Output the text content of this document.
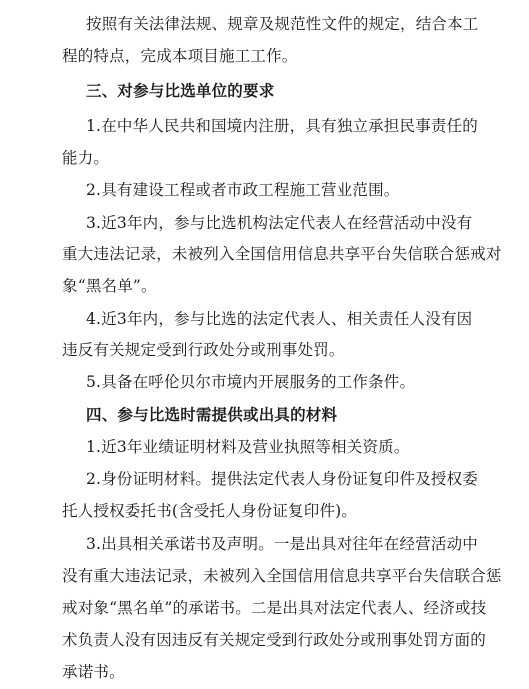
按照有关法律法规、规章及规范性文件的规定，结合本工
程的特点，完成本项目施工工作。
三、对参与比选单位的要求
1.在中华人民共和国境内注册，具有独立承担民事责任的
能力。
2.具有建设工程或者市政工程施工营业范围。
3.近3年内，参与比选机构法定代表人在经营活动中没有
重大违法记录，未被列入全国信用信息共享平台失信联合惩戒对
象“黑名单”。
4.近3年内，参与比选的法定代表人、相关责任人没有因
违反有关规定受到行政处分或刑事处罚。
5.具备在呼伦贝尔市境内开展服务的工作条件。
四、参与比选时需提供或出具的材料
1.近3年业绩证明材料及营业执照等相关资质。
2.身份证明材料。提供法定代表人身份证复印件及授权委
托人授权委托书(含受托人身份证复印件)。
3.出具相关承诺书及声明。一是出具对往年在经营活动中
没有重大违法记录，未被列入全国信用信息共享平台失信联合惩
戒对象“黑名单”的承诺书。二是出具对法定代表人、经济或技
术负责人没有因违反有关规定受到行政处分或刑事处罚方面的
承诺书。
